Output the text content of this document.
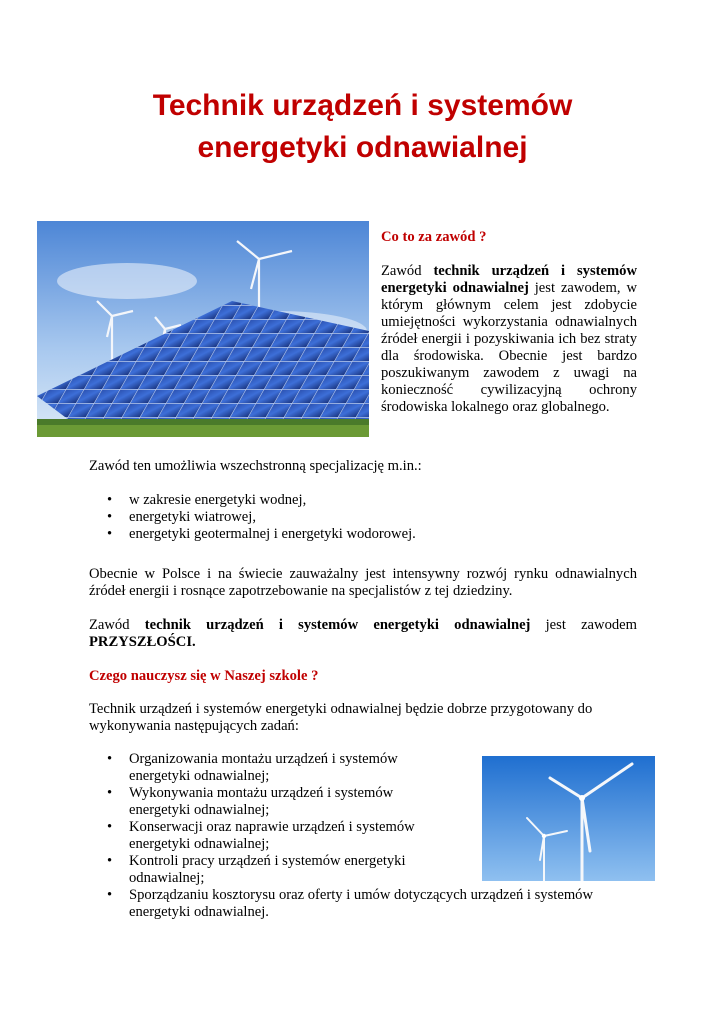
Technik urządzeń i systemów
energetyki odnawialnej

Co to za zawód ?

Zawód technik urządzeń i systemów energetyki odnawialnej jest zawodem, w którym głównym celem jest zdobycie umiejętności wykorzystania odnawialnych źródeł energii i pozyskiwania ich bez straty dla środowiska. Obecnie jest bardzo poszukiwanym zawodem z uwagi na konieczność cywilizacyjną ochrony środowiska lokalnego oraz globalnego.

Zawód ten umożliwia wszechstronną specjalizację m.in.:

• w zakresie energetyki wodnej,
• energetyki wiatrowej,
• energetyki geotermalnej i energetyki wodorowej.

Obecnie w Polsce i na świecie zauważalny jest intensywny rozwój rynku odnawialnych źródeł energii i rosnące zapotrzebowanie na specjalistów z tej dziedziny.

Zawód technik urządzeń i systemów energetyki odnawialnej jest zawodem PRZYSZŁOŚCI.

Czego nauczysz się w Naszej szkole ?

Technik urządzeń i systemów energetyki odnawialnej będzie dobrze przygotowany do wykonywania następujących zadań:

• Organizowania montażu urządzeń i systemów energetyki odnawialnej;
• Wykonywania montażu urządzeń i systemów energetyki odnawialnej;
• Konserwacji oraz naprawie urządzeń i systemów energetyki odnawialnej;
• Kontroli pracy urządzeń i systemów energetyki odnawialnej;
• Sporządzaniu kosztorysu oraz oferty i umów dotyczących urządzeń i systemów energetyki odnawialnej.
